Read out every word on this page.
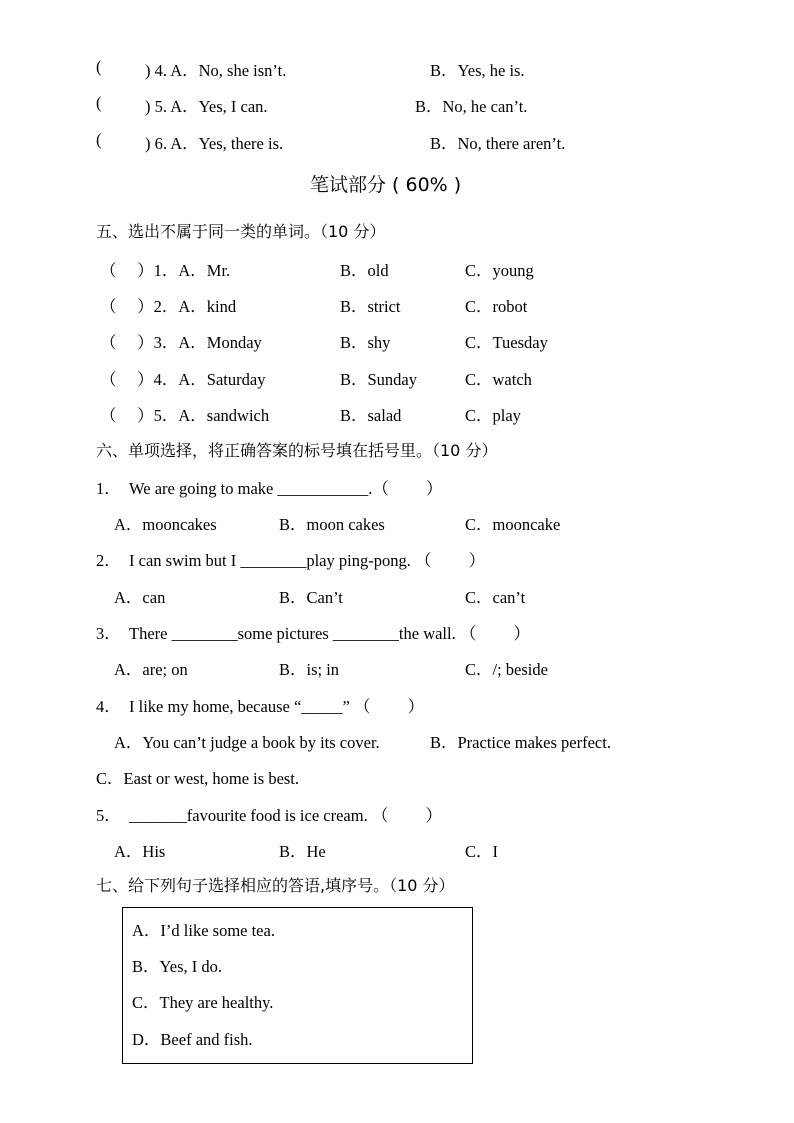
(	) 4. A．No, she isn’t.	B．Yes, he is.
(	) 5. A．Yes, I can.	B．No, he can’t.
(	) 6. A．Yes, there is.	B．No, there aren’t.
笔试部分 ( 60% )
五、选出不属于同一类的单词。（10 分）
（　 ）1．A．Mr.	B．old	C．young
（　 ）2．A．kind	B．strict	C．robot
（　 ）3．A．Monday	B．shy	C．Tuesday
（　 ）4．A．Saturday	B．Sunday	C．watch
（　 ）5．A．sandwich	B．salad	C．play
六、单项选择，将正确答案的标号填在括号里。（10 分）
1．　We are going to make ___________.（　　 ）
A．mooncakes	B．moon cakes	C．mooncake
2．　I can swim but I ________play ping-pong. （　　 ）
A．can	B．Can’t	C．can’t
3．　There ________some pictures ________the wall. （　　 ）
A．are; on	B．is; in	C．/; beside
4．　I like my home, because “_____” （　　 ）
A．You can’t judge a book by its cover.	B．Practice makes perfect.
C．East or west, home is best.
5．　_______favourite food is ice cream. （　　 ）
A．His	B．He	C．I
七、给下列句子选择相应的答语,填序号。（10 分）
A．I’d like some tea.
B．Yes, I do.
C．They are healthy.
D．Beef and fish.
